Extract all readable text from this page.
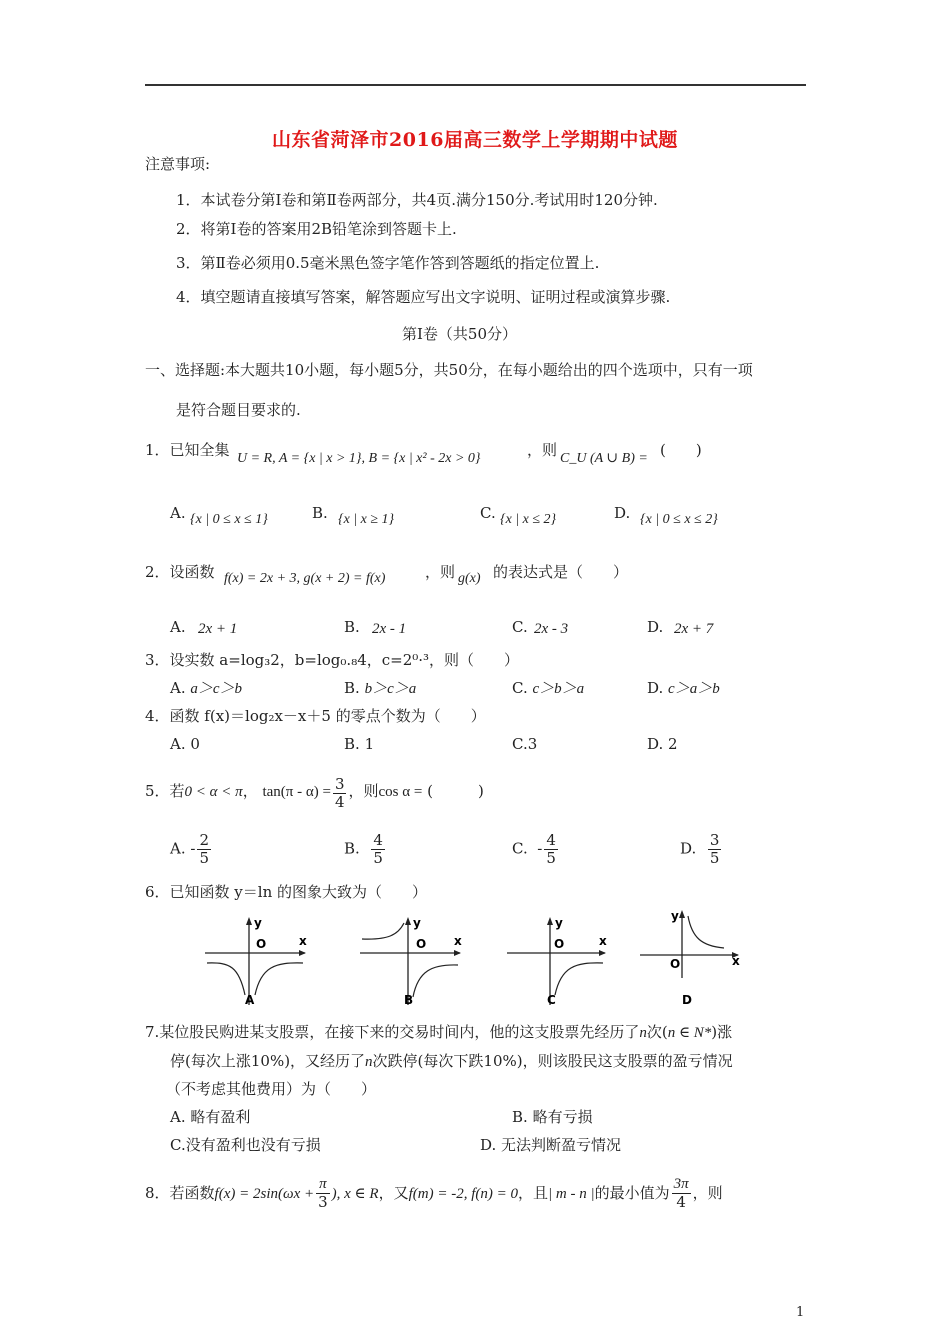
山东省菏泽市2016届高三数学上学期期中试题
注意事项:
1．本试卷分第Ⅰ卷和第Ⅱ卷两部分，共4页.满分150分.考试用时120分钟.
2．将第Ⅰ卷的答案用2B铅笔涂到答题卡上.
3．第Ⅱ卷必须用0.5毫米黑色签字笔作答到答题纸的指定位置上.
4．填空题请直接填写答案，解答题应写出文字说明、证明过程或演算步骤.
第Ⅰ卷（共50分）
一、选择题:本大题共10小题，每小题5分，共50分，在每小题给出的四个选项中，只有一项
是符合题目要求的.
1．已知全集 U = R, A = {x | x > 1}, B = {x | x² - 2x > 0}	，则 C_U (A ∪ B) = (　　)
A. {x | 0 ≤ x ≤ 1}	B. {x | x ≥ 1}	C. {x | x ≤ 2}	D. {x | 0 ≤ x ≤ 2}
2．设函数 f(x) = 2x + 3, g(x + 2) = f(x)	，则 g(x) 的表达式是（　　）
A. 2x + 1	B. 2x - 1	C. 2x - 3	D. 2x + 7
3．设实数 a=log₃2，b=log₀.₈4，c=2⁰·³，则（　　）
A. a＞c＞b	B. b＞c＞a	C. c＞b＞a	D. c＞a＞b
4．函数 f(x)＝log₂x－x＋5 的零点个数为（　　）
A. 0	B. 1	C.3	D. 2
5．若0 < α < π， $\tan(\pi - \alpha) = \frac{3}{4}$ ，则cos α = (　　　)
A. - $\frac{2}{5}$	B. $\frac{4}{5}$	C. - $\frac{4}{5}$	D. $\frac{3}{5}$
6．已知函数 y＝ln 的图象大致为（　　）
y
O	x
A
y
O x
B
y
O	x
C
y
O	x
D
7.某位股民购进某支股票，在接下来的交易时间内，他的这支股票先经历了n次(n ∈ N*)涨
停(每次上涨10%)，又经历了n次跌停(每次下跌10%)，则该股民这支股票的盈亏情况
（不考虑其他费用）为（　　）
A. 略有盈利	B. 略有亏损
C.没有盈利也没有亏损	D. 无法判断盈亏情况
8．若函数$f(x) = 2\sin(\omega x + \frac{\pi}{3}$ ), x ∈ R，又f(m) = -2, f(n) = 0，且| m - n |的最小值为 $\frac{3\pi}{4}$ ，则
1
